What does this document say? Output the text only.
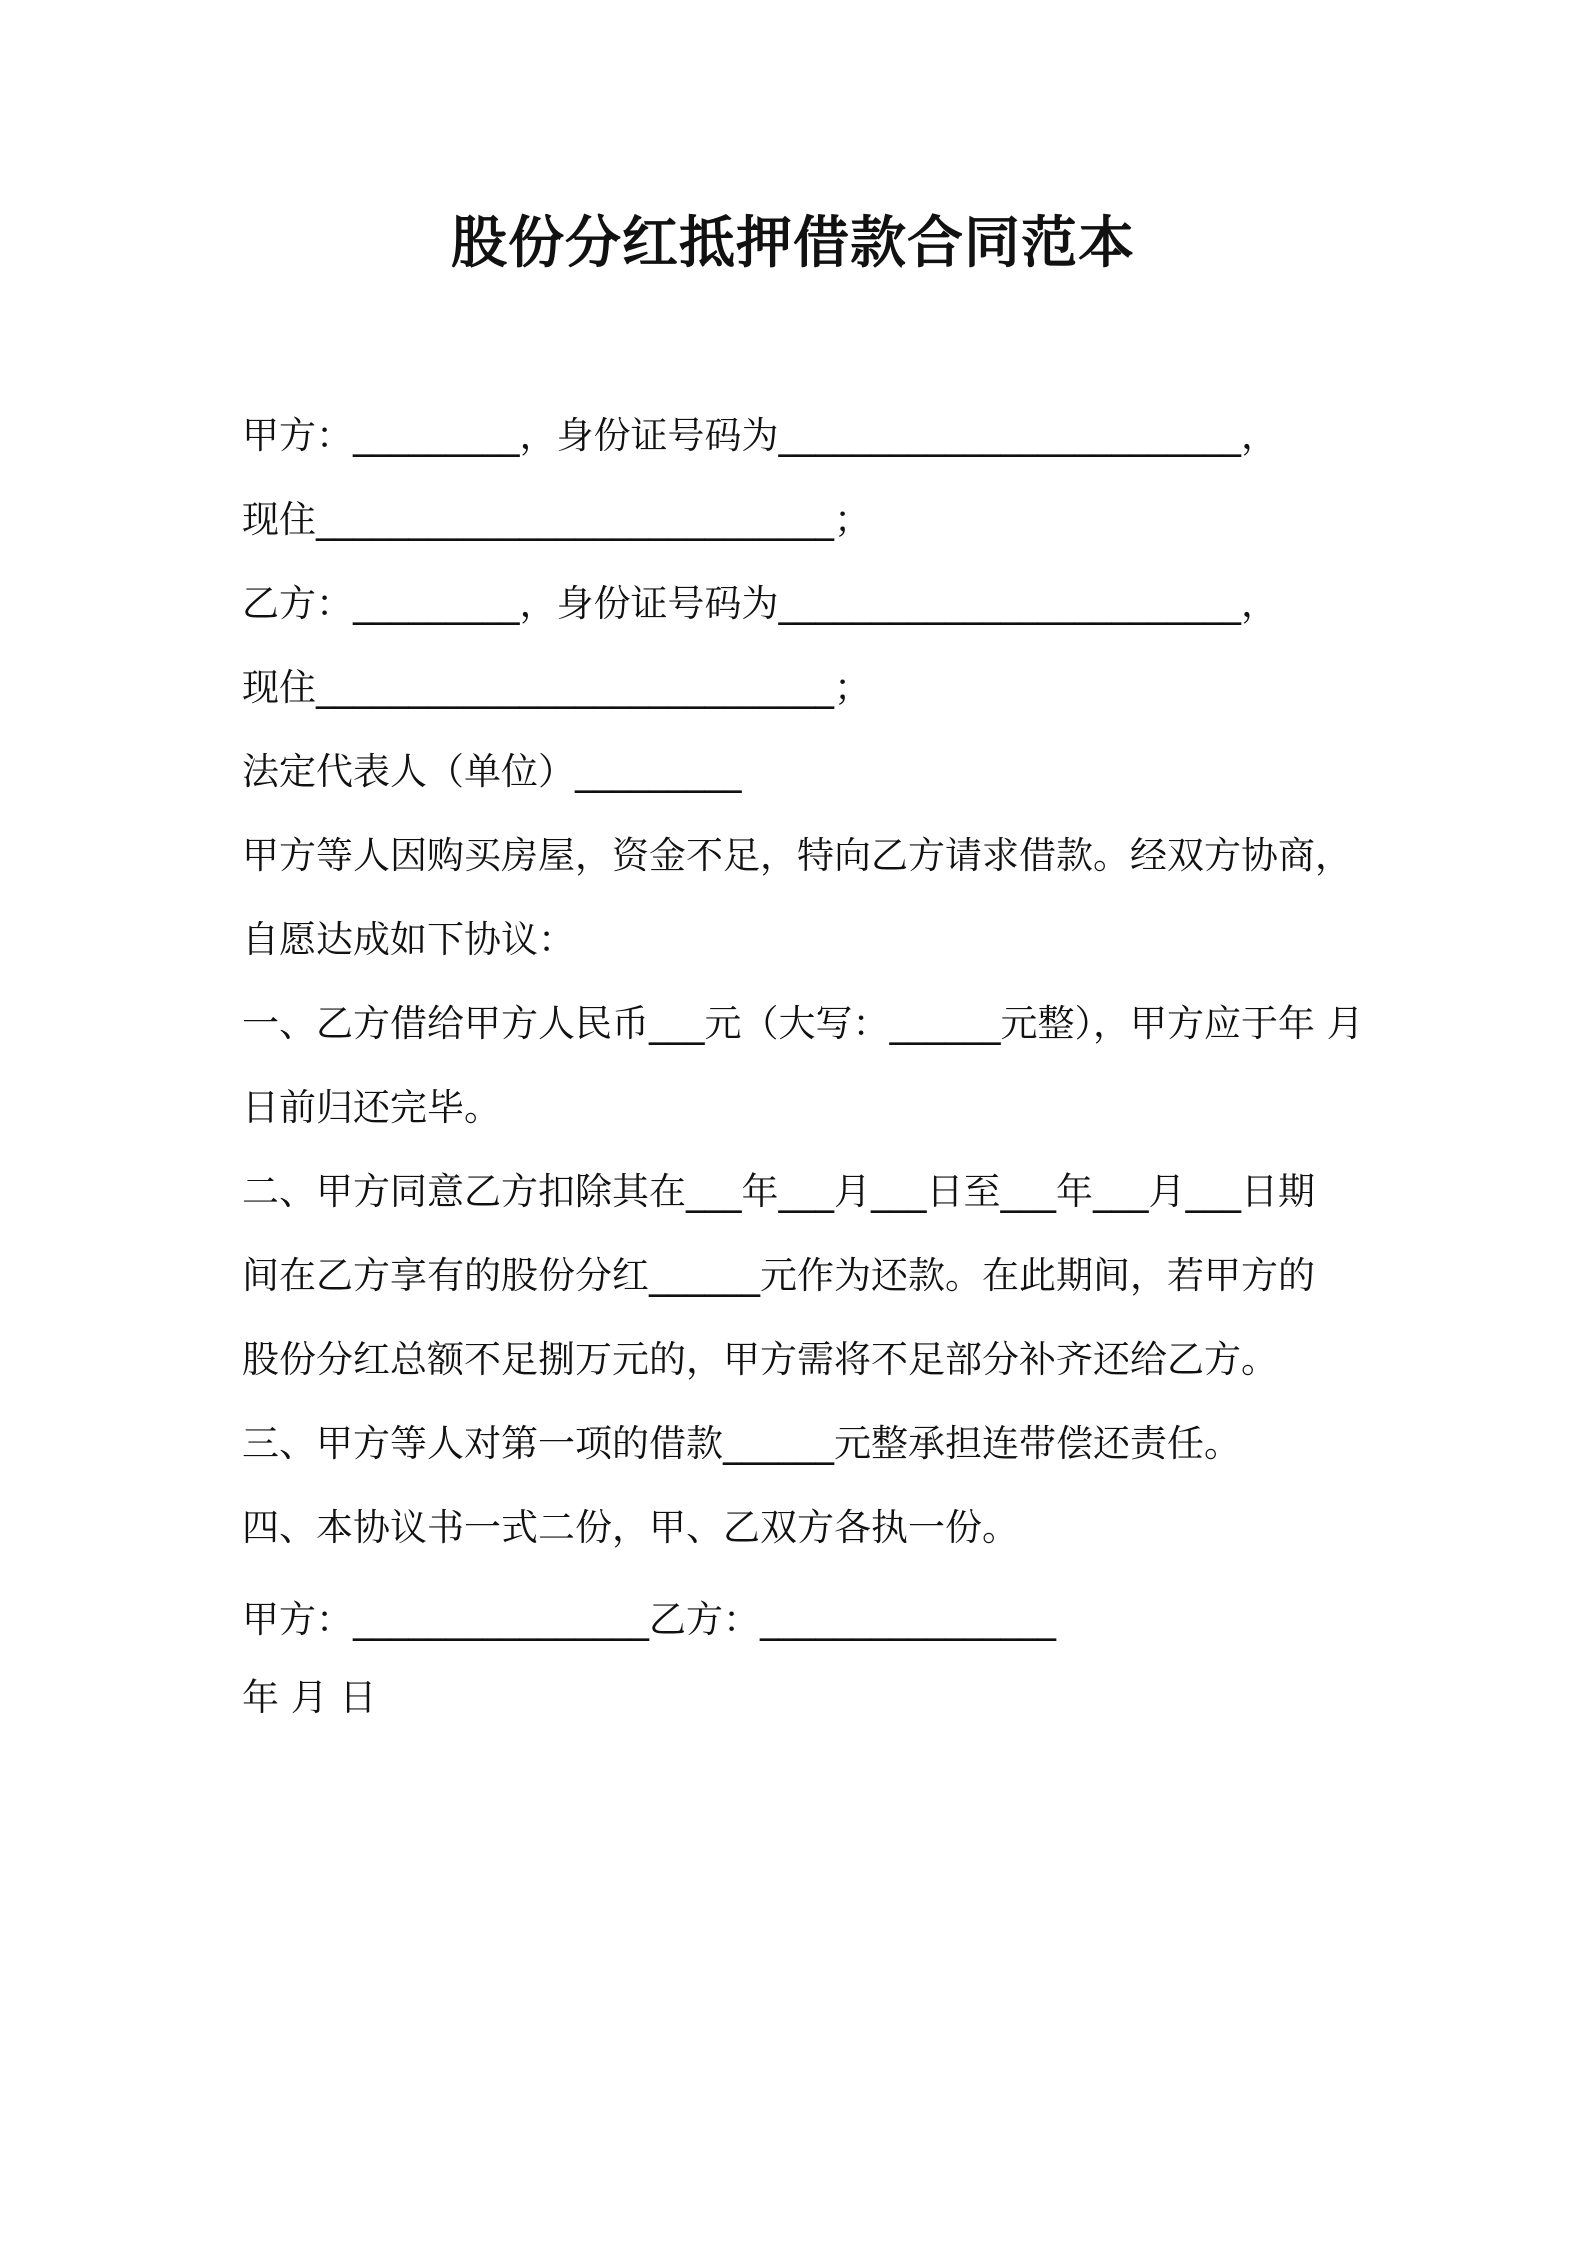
股份分红抵押借款合同范本
甲方：_________，身份证号码为_________________________，
现住____________________________；
乙方：_________，身份证号码为_________________________，
现住____________________________；
法定代表人（单位）_________
甲方等人因购买房屋，资金不足，特向乙方请求借款。经双方协商，
自愿达成如下协议：
一、乙方借给甲方人民币___元（大写：______元整），甲方应于年 月
日前归还完毕。
二、甲方同意乙方扣除其在___年___月___日至___年___月___日期
间在乙方享有的股份分红______元作为还款。在此期间，若甲方的
股份分红总额不足捌万元的，甲方需将不足部分补齐还给乙方。
三、甲方等人对第一项的借款______元整承担连带偿还责任。
四、本协议书一式二份，甲、乙双方各执一份。
甲方：________________乙方：________________
年 月 日
